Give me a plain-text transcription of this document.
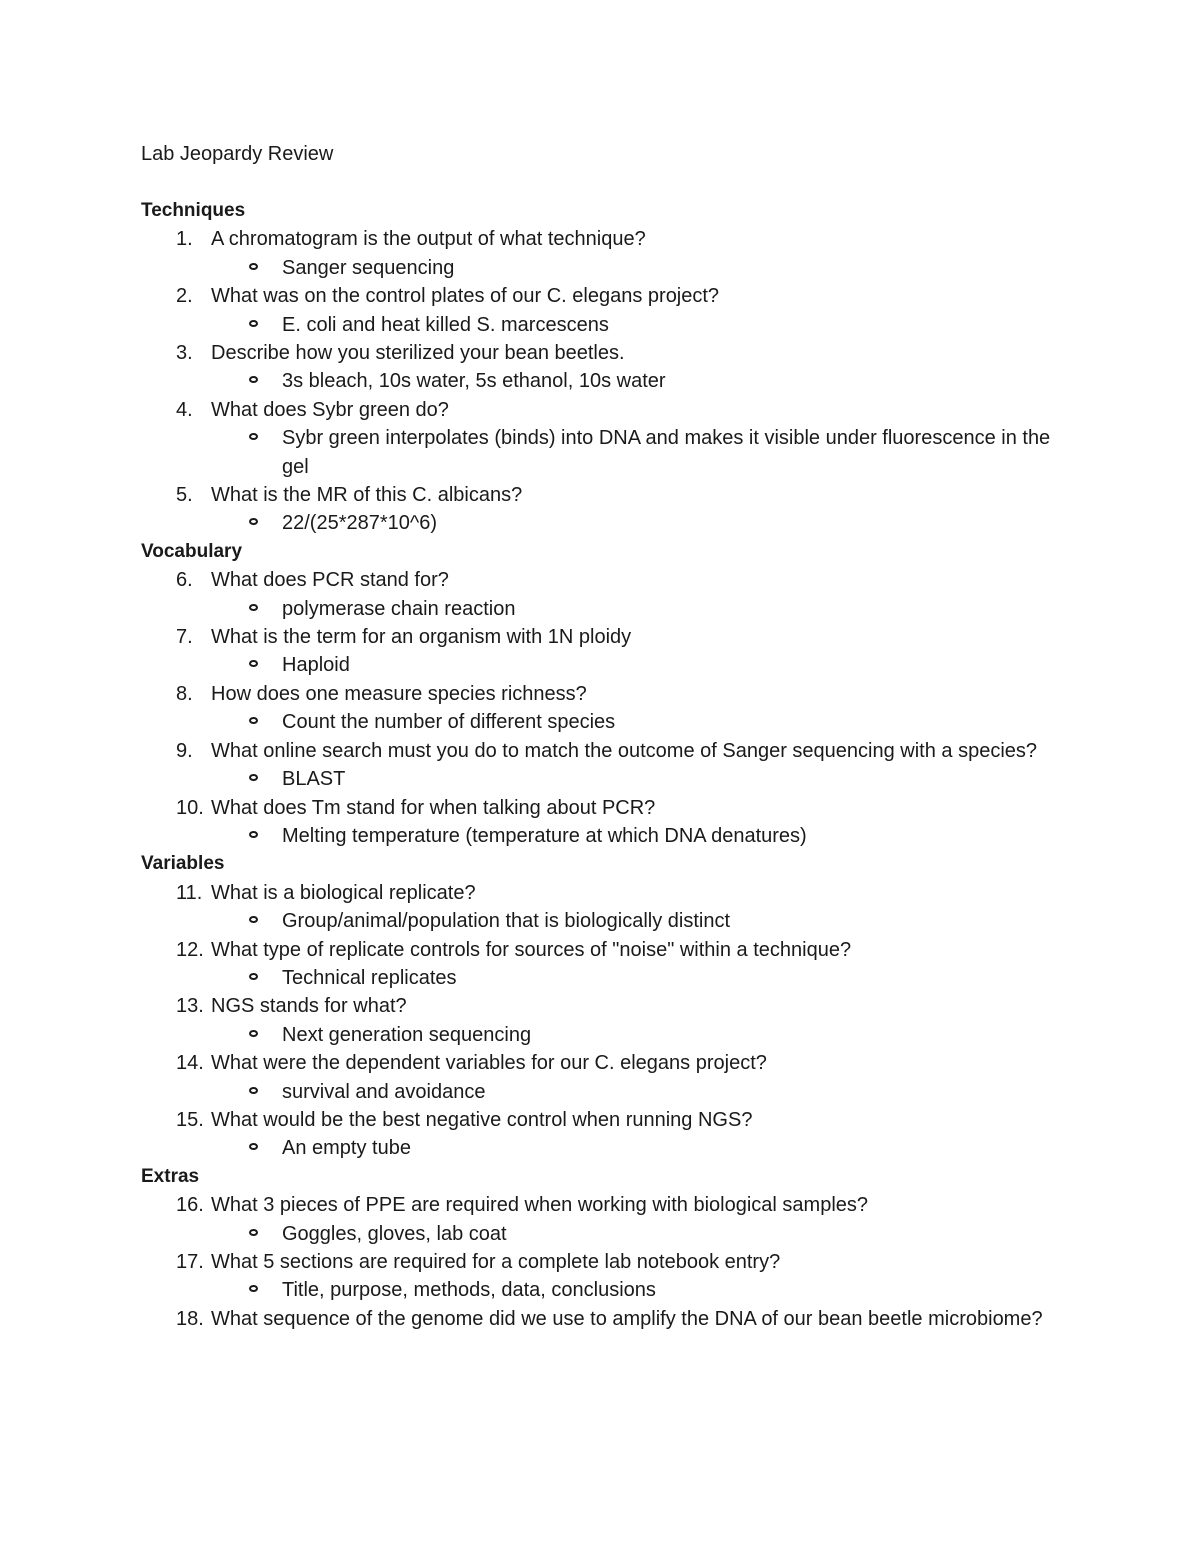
Lab Jeopardy Review
Techniques
1. A chromatogram is the output of what technique?
Sanger sequencing
2. What was on the control plates of our C. elegans project?
E. coli and heat killed S. marcescens
3. Describe how you sterilized your bean beetles.
3s bleach, 10s water, 5s ethanol, 10s water
4. What does Sybr green do?
Sybr green interpolates (binds) into DNA and makes it visible under fluorescence in the gel
5. What is the MR of this C. albicans?
22/(25*287*10^6)
Vocabulary
6. What does PCR stand for?
polymerase chain reaction
7. What is the term for an organism with 1N ploidy
Haploid
8. How does one measure species richness?
Count the number of different species
9. What online search must you do to match the outcome of Sanger sequencing with a species?
BLAST
10. What does Tm stand for when talking about PCR?
Melting temperature (temperature at which DNA denatures)
Variables
11. What is a biological replicate?
Group/animal/population that is biologically distinct
12. What type of replicate controls for sources of "noise" within a technique?
Technical replicates
13. NGS stands for what?
Next generation sequencing
14. What were the dependent variables for our C. elegans project?
survival and avoidance
15. What would be the best negative control when running NGS?
An empty tube
Extras
16. What 3 pieces of PPE are required when working with biological samples?
Goggles, gloves, lab coat
17. What 5 sections are required for a complete lab notebook entry?
Title, purpose, methods, data, conclusions
18. What sequence of the genome did we use to amplify the DNA of our bean beetle microbiome?
